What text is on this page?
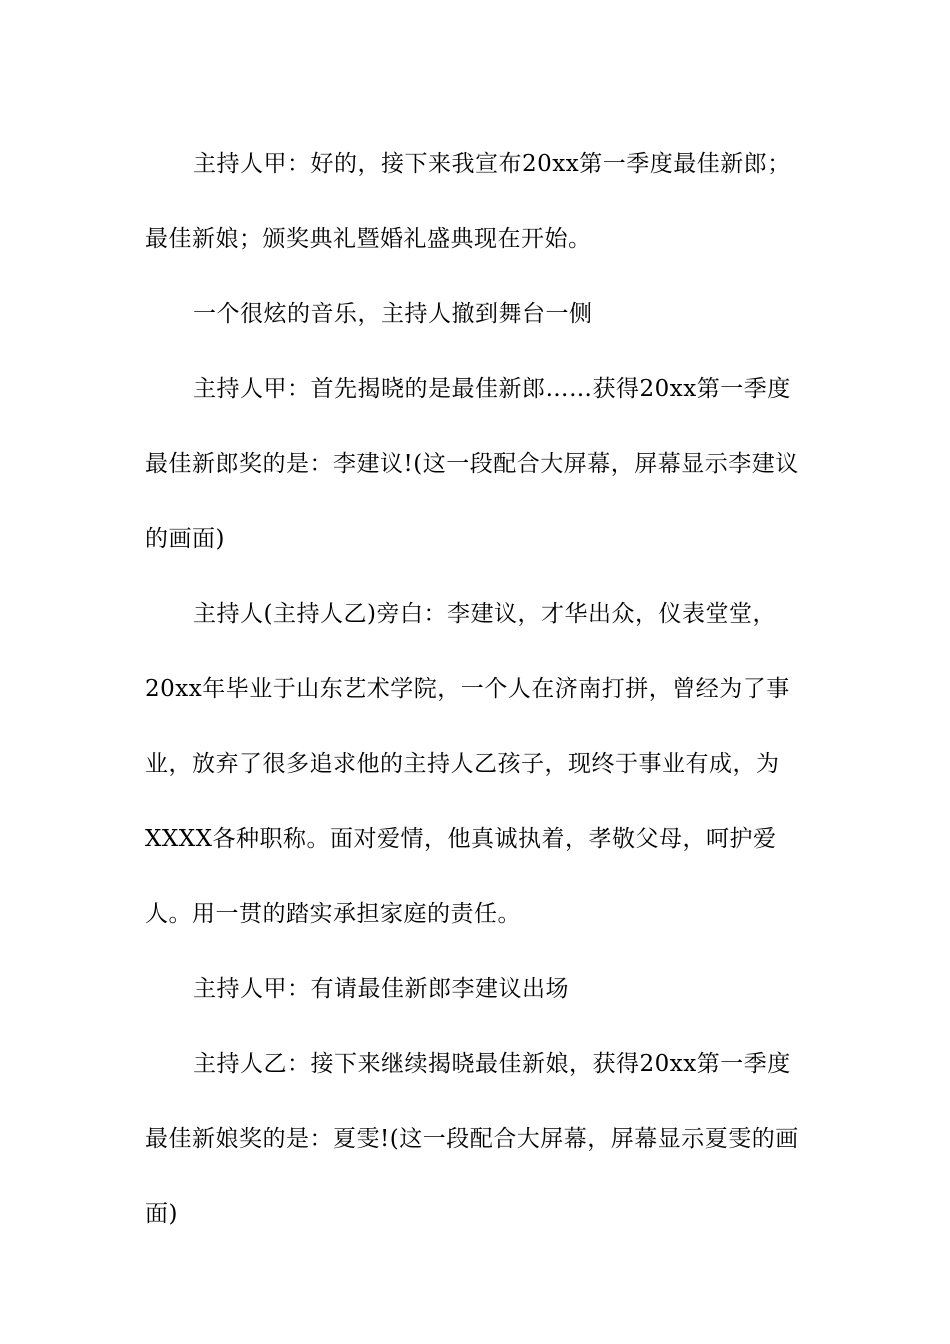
主持人甲：好的，接下来我宣布20xx第一季度最佳新郎；最佳新娘；颁奖典礼暨婚礼盛典现在开始。

一个很炫的音乐，主持人撤到舞台一侧

主持人甲：首先揭晓的是最佳新郎……获得20xx第一季度最佳新郎奖的是：李建议!(这一段配合大屏幕，屏幕显示李建议的画面)

主持人(主持人乙)旁白：李建议，才华出众，仪表堂堂，20xx年毕业于山东艺术学院，一个人在济南打拼，曾经为了事业，放弃了很多追求他的主持人乙孩子，现终于事业有成，为XXXX各种职称。面对爱情，他真诚执着，孝敬父母，呵护爱人。用一贯的踏实承担家庭的责任。

主持人甲：有请最佳新郎李建议出场

主持人乙：接下来继续揭晓最佳新娘，获得20xx第一季度最佳新娘奖的是：夏雯!(这一段配合大屏幕，屏幕显示夏雯的画面)
